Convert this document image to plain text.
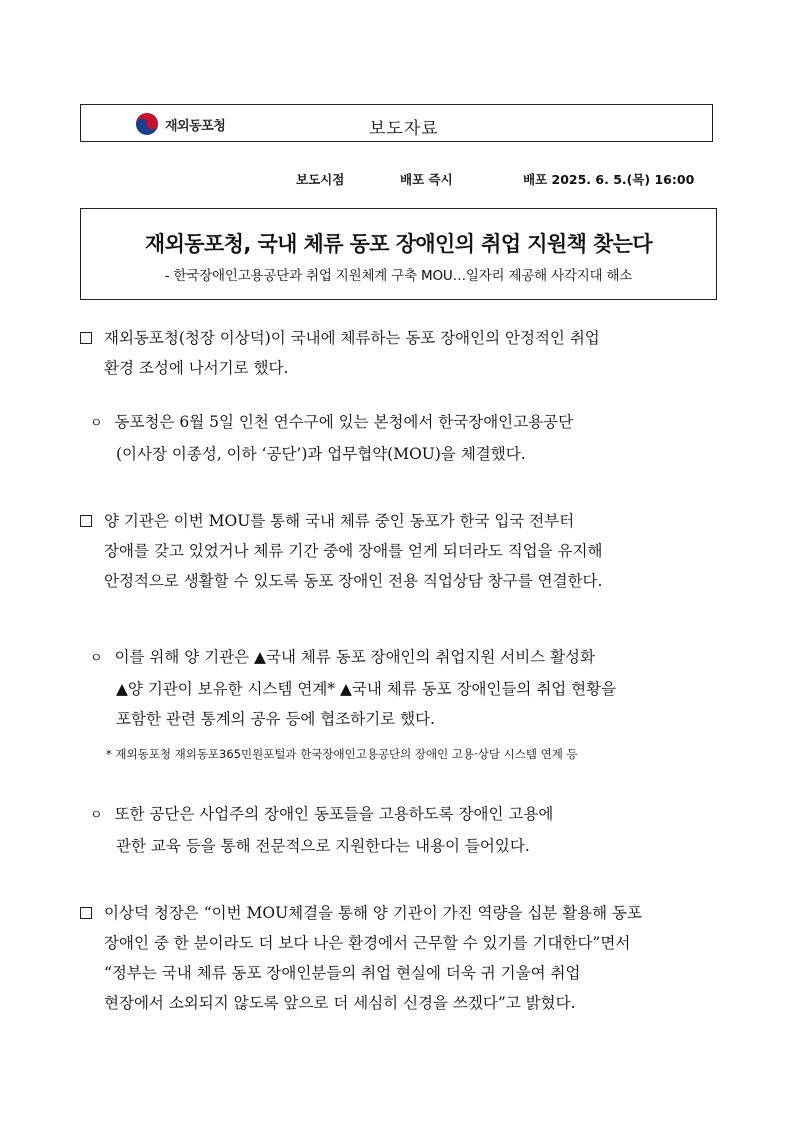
재외동포청	보도자료
보도시점	배포 즉시	배포 2025. 6. 5.(목) 16:00
재외동포청, 국내 체류 동포 장애인의 취업 지원책 찾는다
- 한국장애인고용공단과 취업 지원체계 구축 MOU…일자리 제공해 사각지대 해소
재외동포청(청장 이상덕)이 국내에 체류하는 동포 장애인의 안정적인 취업
환경 조성에 나서기로 했다.
ㅇ 동포청은 6월 5일 인천 연수구에 있는 본청에서 한국장애인고용공단
(이사장 이종성, 이하 ‘공단’)과 업무협약(MOU)을 체결했다.
양 기관은 이번 MOU를 통해 국내 체류 중인 동포가 한국 입국 전부터
장애를 갖고 있었거나 체류 기간 중에 장애를 얻게 되더라도 직업을 유지해
안정적으로 생활할 수 있도록 동포 장애인 전용 직업상담 창구를 연결한다.
ㅇ 이를 위해 양 기관은 ▲국내 체류 동포 장애인의 취업지원 서비스 활성화
▲양 기관이 보유한 시스템 연계* ▲국내 체류 동포 장애인들의 취업 현황을
포함한 관련 통계의 공유 등에 협조하기로 했다.
* 재외동포청 재외동포365민원포털과 한국장애인고용공단의 장애인 고용·상담 시스템 연계 등
ㅇ 또한 공단은 사업주의 장애인 동포들을 고용하도록 장애인 고용에
관한 교육 등을 통해 전문적으로 지원한다는 내용이 들어있다.
이상덕 청장은 “이번 MOU체결을 통해 양 기관이 가진 역량을 십분 활용해 동포
장애인 중 한 분이라도 더 보다 나은 환경에서 근무할 수 있기를 기대한다”면서
“정부는 국내 체류 동포 장애인분들의 취업 현실에 더욱 귀 기울여 취업
현장에서 소외되지 않도록 앞으로 더 세심히 신경을 쓰겠다”고 밝혔다.
